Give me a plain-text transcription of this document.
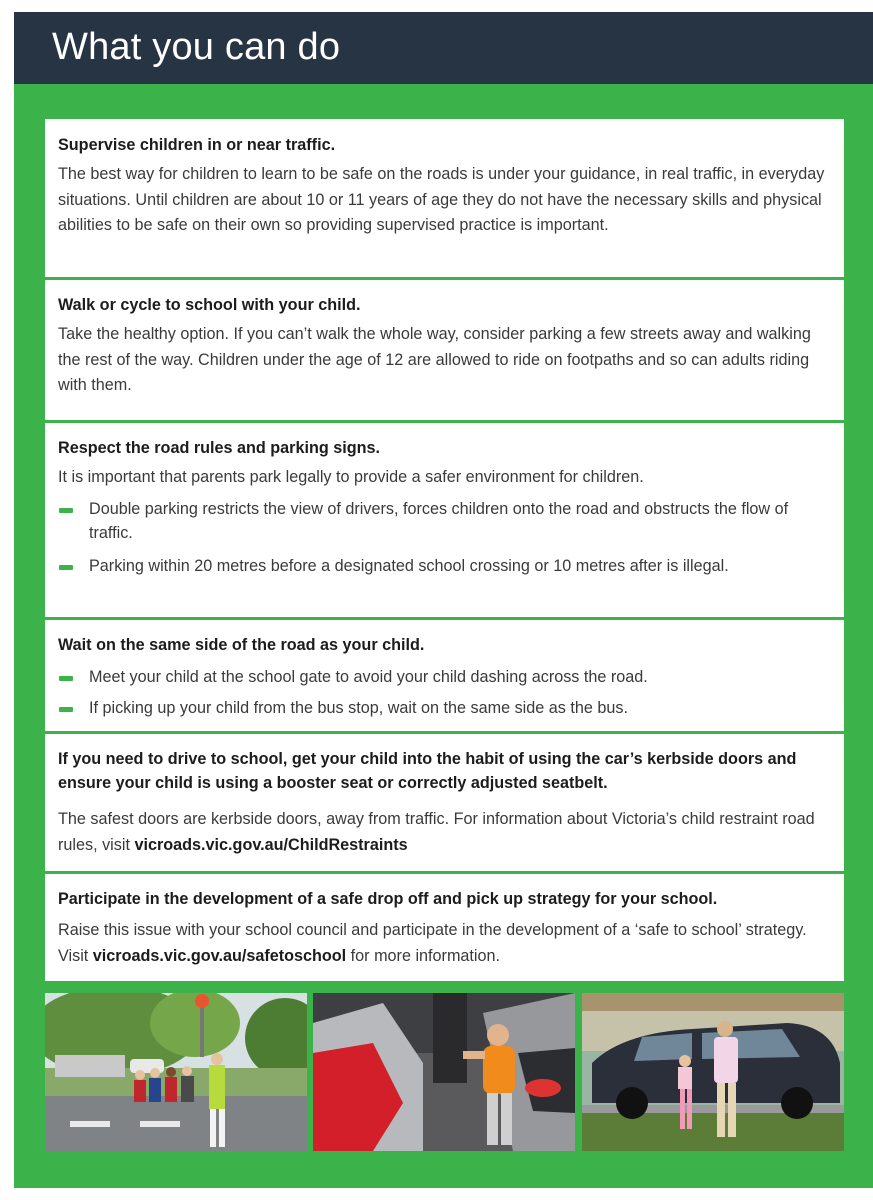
What you can do
Supervise children in or near traffic.

The best way for children to learn to be safe on the roads is under your guidance, in real traffic, in everyday situations. Until children are about 10 or 11 years of age they do not have the necessary skills and physical abilities to be safe on their own so providing supervised practice is important.

Walk or cycle to school with your child.

Take the healthy option. If you can’t walk the whole way, consider parking a few streets away and walking the rest of the way. Children under the age of 12 are allowed to ride on footpaths and so can adults riding with them.

Respect the road rules and parking signs.

It is important that parents park legally to provide a safer environment for children.

Double parking restricts the view of drivers, forces children onto the road and obstructs the flow of traffic.
Parking within 20 metres before a designated school crossing or 10 metres after is illegal.
Wait on the same side of the road as your child.
Meet your child at the school gate to avoid your child dashing across the road.
If picking up your child from the bus stop, wait on the same side as the bus.
If you need to drive to school, get your child into the habit of using the car’s kerbside doors and ensure your child is using a booster seat or correctly adjusted seatbelt.

The safest doors are kerbside doors, away from traffic. For information about Victoria’s child restraint road rules, visit vicroads.vic.gov.au/ChildRestraints

Participate in the development of a safe drop off and pick up strategy for your school.

Raise this issue with your school council and participate in the development of a ‘safe to school’ strategy. Visit vicroads.vic.gov.au/safetoschool for more information.
